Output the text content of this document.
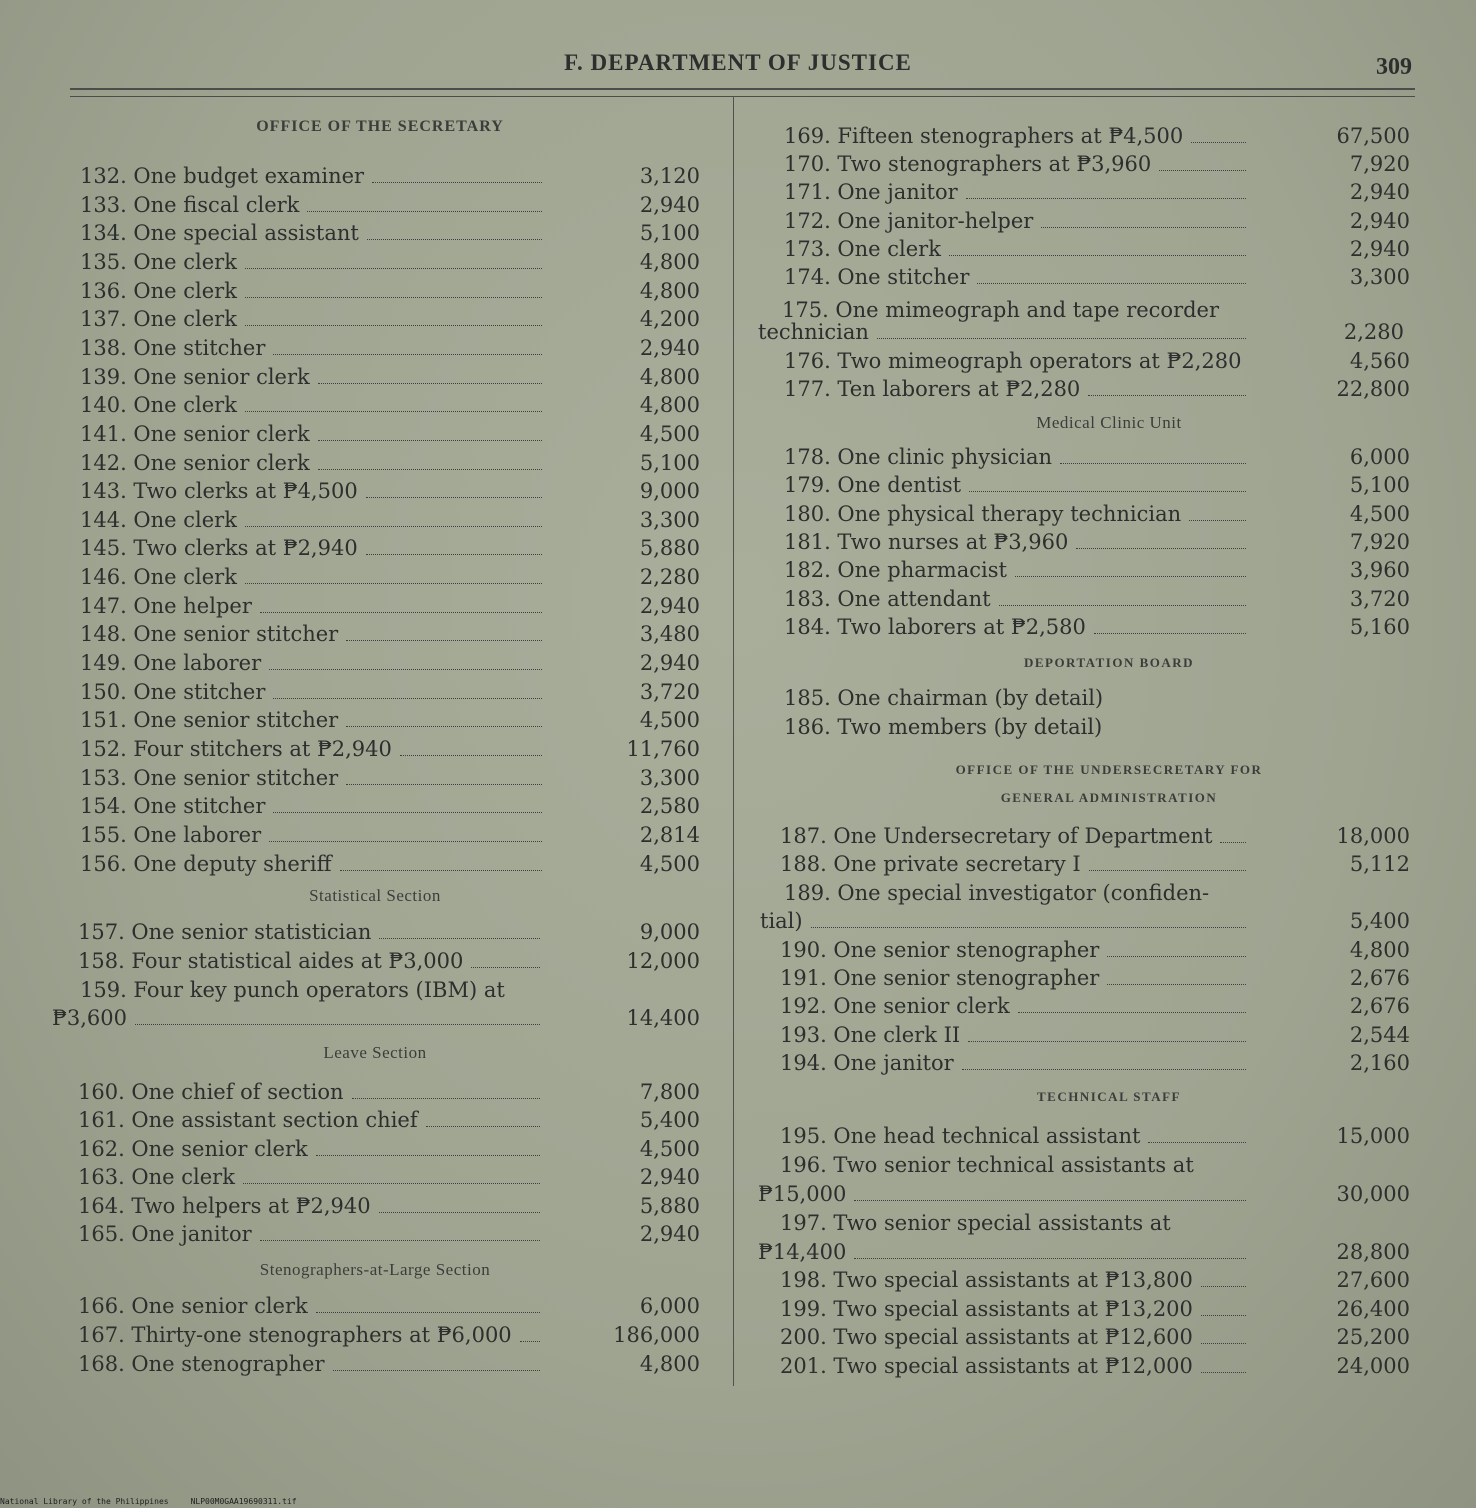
F. DEPARTMENT OF JUSTICE	309
OFFICE OF THE SECRETARY
Statistical Section
Leave Section
Stenographers-at-Large Section
159. Four key punch operators (IBM) at
₱3,600	14,400
132. One budget examiner	3,120
133. One fiscal clerk	2,940
134. One special assistant	5,100
135. One clerk	4,800
136. One clerk	4,800
137. One clerk	4,200
138. One stitcher	2,940
139. One senior clerk	4,800
140. One clerk	4,800
141. One senior clerk	4,500
142. One senior clerk	5,100
143. Two clerks at ₱4,500	9,000
144. One clerk	3,300
145. Two clerks at ₱2,940	5,880
146. One clerk	2,280
147. One helper	2,940
148. One senior stitcher	3,480
149. One laborer	2,940
150. One stitcher	3,720
151. One senior stitcher	4,500
152. Four stitchers at ₱2,940	11,760
153. One senior stitcher	3,300
154. One stitcher	2,580
155. One laborer	2,814
156. One deputy sheriff	4,500
157. One senior statistician	9,000
158. Four statistical aides at ₱3,000	12,000
160. One chief of section	7,800
161. One assistant section chief	5,400
162. One senior clerk	4,500
163. One clerk	2,940
164. Two helpers at ₱2,940	5,880
165. One janitor	2,940
166. One senior clerk	6,000
167. Thirty-one stenographers at ₱6,000	186,000
168. One stenographer	4,800
175. One mimeograph and tape recorder
technician	2,280
Medical Clinic Unit
DEPORTATION BOARD
185. One chairman (by detail)
186. Two members (by detail)
OFFICE OF THE UNDERSECRETARY FOR
GENERAL ADMINISTRATION
189. One special investigator (confiden-
tial)	5,400
TECHNICAL STAFF
195. One head technical assistant	15,000
196. Two senior technical assistants at
₱15,000	30,000
197. Two senior special assistants at
₱14,400	28,800
169. Fifteen stenographers at ₱4,500	67,500
170. Two stenographers at ₱3,960	7,920
171. One janitor	2,940
172. One janitor-helper	2,940
173. One clerk	2,940
174. One stitcher	3,300
176. Two mimeograph operators at ₱2,280	4,560
177. Ten laborers at ₱2,280	22,800
178. One clinic physician	6,000
179. One dentist	5,100
180. One physical therapy technician	4,500
181. Two nurses at ₱3,960	7,920
182. One pharmacist	3,960
183. One attendant	3,720
184. Two laborers at ₱2,580	5,160
187. One Undersecretary of Department	18,000
188. One private secretary I	5,112
190. One senior stenographer	4,800
191. One senior stenographer	2,676
192. One senior clerk	2,676
193. One clerk II	2,544
194. One janitor	2,160
198. Two special assistants at ₱13,800	27,600
199. Two special assistants at ₱13,200	26,400
200. Two special assistants at ₱12,600	25,200
201. Two special assistants at ₱12,000	24,000
National Library of the Philippines	NLP00M0GAA19690311.tif
